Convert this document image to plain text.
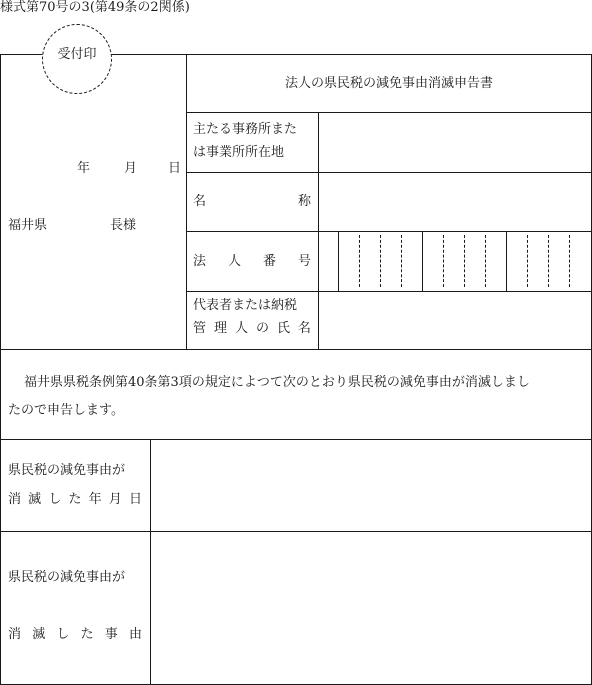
様式第70号の3(第49条の2関係)
受付印
年	月 日
福井県	長様
法人の県民税の減免事由消滅申告書
主たる事務所また
は事業所所在地
名	称
法 人 番 号
代表者または納税
管 理 人 の 氏 名
福井県県税条例第40条第3項の規定によつて次のとおり県民税の減免事由が消滅しまし
たので申告します。
県民税の減免事由が
消 滅 し た 年 月 日
県民税の減免事由が
消 滅 し た 事 由
